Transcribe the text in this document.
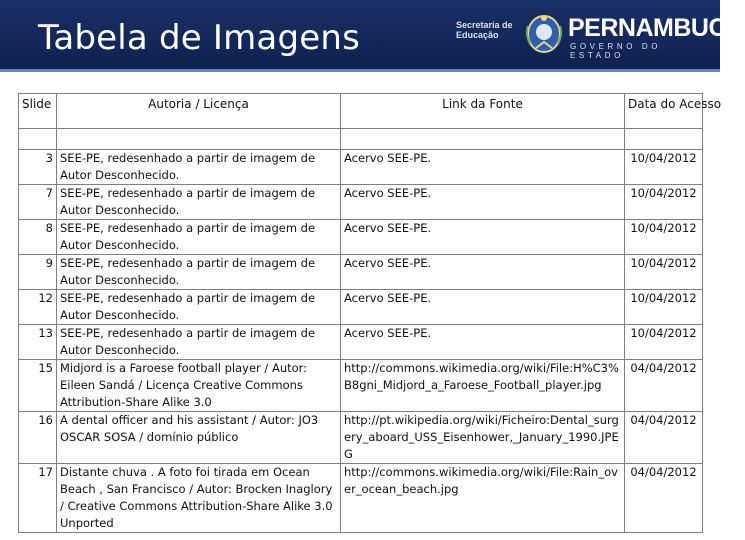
Tabela de Imagens	Secretaria de Educação	PERNAMBUCO
GOVERNO DO ESTADO
Slide	Autoria / Licença	Link da Fonte	Data do Acesso

3	SEE-PE, redesenhado a partir de imagem de Autor Desconhecido.	Acervo SEE-PE.	10/04/2012
7	SEE-PE, redesenhado a partir de imagem de Autor Desconhecido.	Acervo SEE-PE.	10/04/2012
8	SEE-PE, redesenhado a partir de imagem de Autor Desconhecido.	Acervo SEE-PE.	10/04/2012
9	SEE-PE, redesenhado a partir de imagem de Autor Desconhecido.	Acervo SEE-PE.	10/04/2012
12	SEE-PE, redesenhado a partir de imagem de Autor Desconhecido.	Acervo SEE-PE.	10/04/2012
13	SEE-PE, redesenhado a partir de imagem de Autor Desconhecido.	Acervo SEE-PE.	10/04/2012
15	Midjord is a Faroese football player / Autor: Eileen Sandá / Licença Creative Commons Attribution-Share Alike 3.0	http://commons.wikimedia.org/wiki/File:H%C3%B8gni_Midjord_a_Faroese_Football_player.jpg	04/04/2012
16	A dental officer and his assistant / Autor: JO3 OSCAR SOSA / domínio público	http://pt.wikipedia.org/wiki/Ficheiro:Dental_surgery_aboard_USS_Eisenhower,_January_1990.JPEG	04/04/2012
17	Distante chuva . A foto foi tirada em Ocean Beach , San Francisco / Autor: Brocken Inaglory / Creative Commons Attribution-Share Alike 3.0 Unported	http://commons.wikimedia.org/wiki/File:Rain_over_ocean_beach.jpg	04/04/2012
